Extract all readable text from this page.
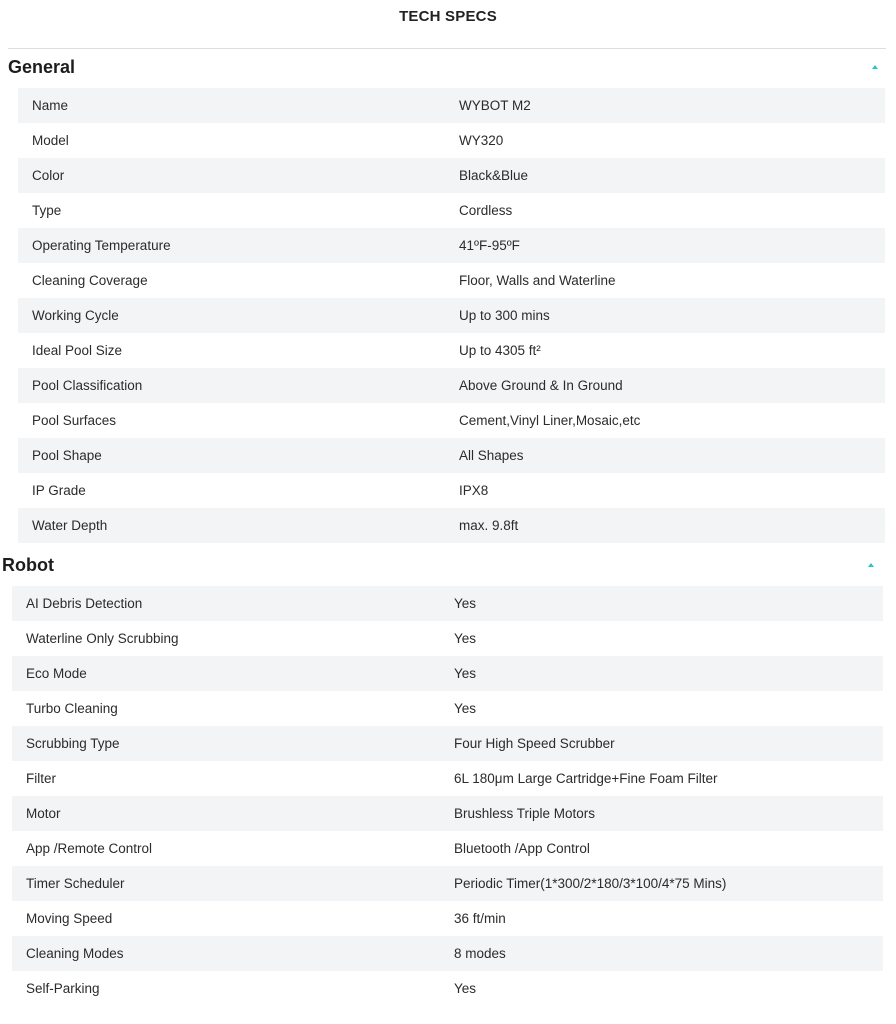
TECH SPECS
General
Name	WYBOT M2
Model	WY320
Color	Black&Blue
Type	Cordless
Operating Temperature	41ºF-95ºF
Cleaning Coverage	Floor, Walls and Waterline
Working Cycle	Up to 300 mins
Ideal Pool Size	Up to 4305 ft²
Pool Classification	Above Ground & In Ground
Pool Surfaces	Cement,Vinyl Liner,Mosaic,etc
Pool Shape	All Shapes
IP Grade	IPX8
Water Depth	max. 9.8ft
Robot
AI Debris Detection	Yes
Waterline Only Scrubbing	Yes
Eco Mode	Yes
Turbo Cleaning	Yes
Scrubbing Type	Four High Speed Scrubber
Filter	6L 180μm Large Cartridge+Fine Foam Filter
Motor	Brushless Triple Motors
App /Remote Control	Bluetooth /App Control
Timer Scheduler	Periodic Timer(1*300/2*180/3*100/4*75 Mins)
Moving Speed	36 ft/min
Cleaning Modes	8 modes
Self-Parking	Yes
